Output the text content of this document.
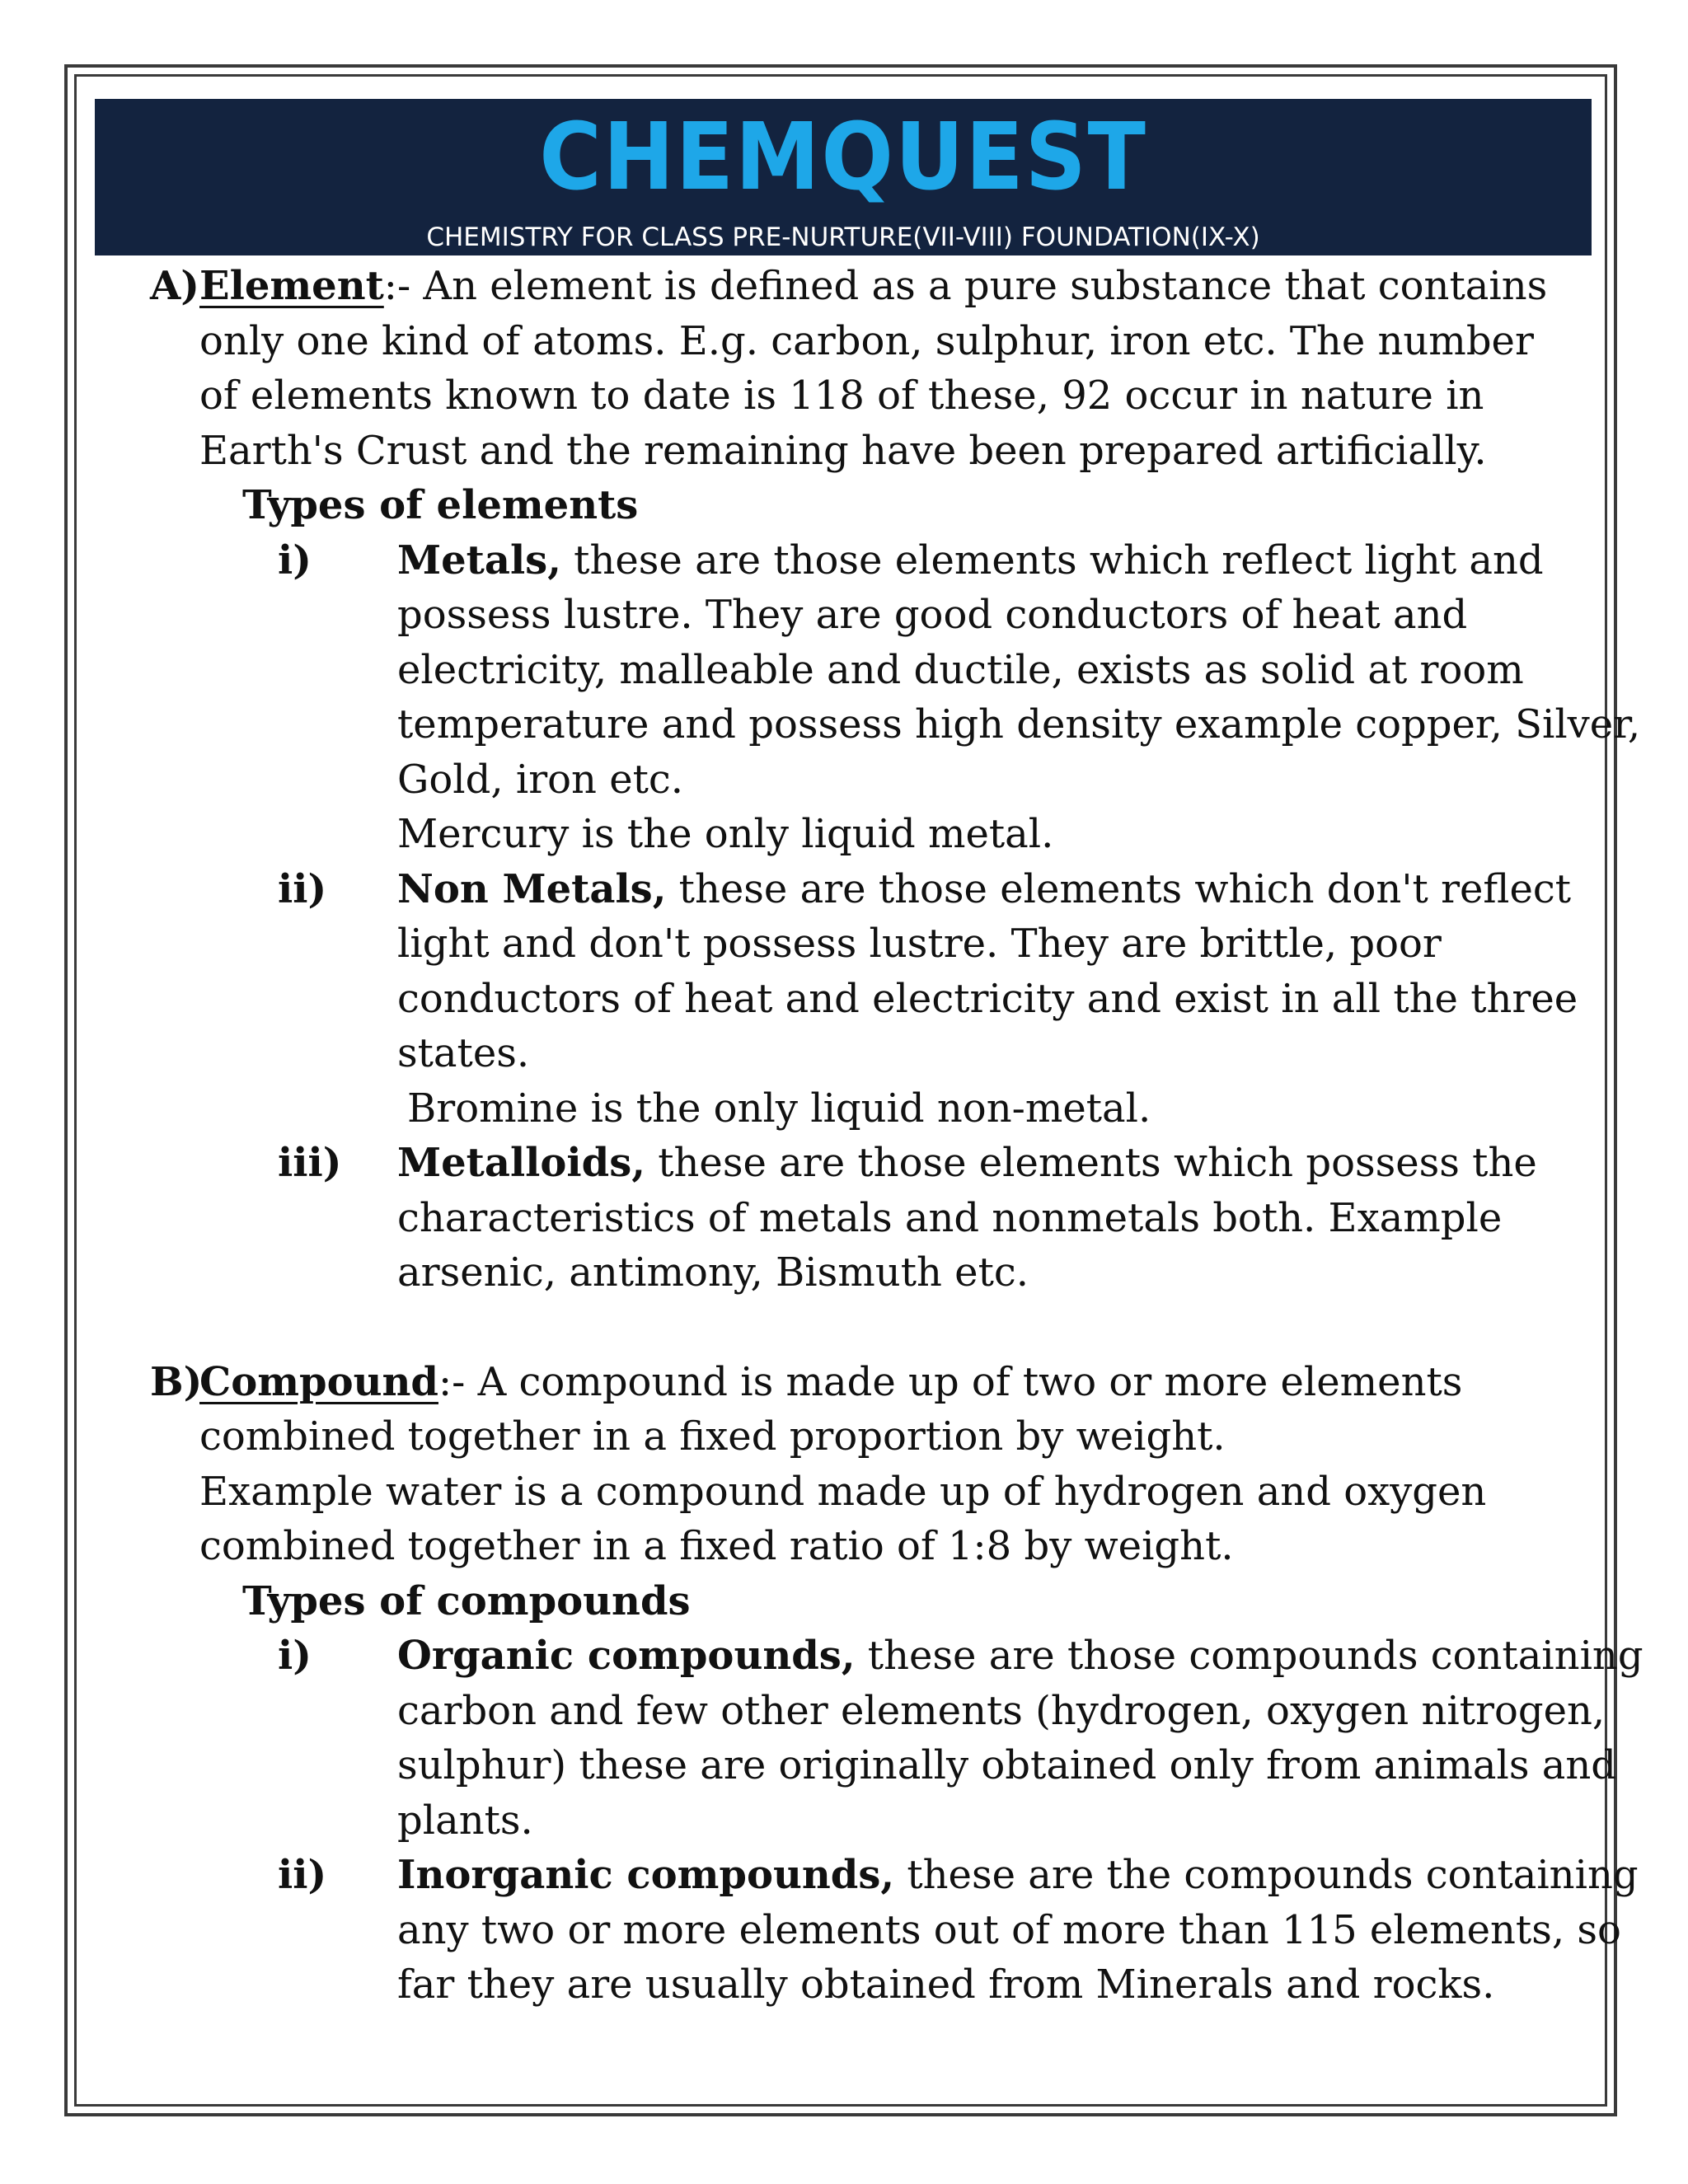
CHEMQUEST
CHEMISTRY FOR CLASS PRE-NURTURE(VII-VIII) FOUNDATION(IX-X)
A)Element:- An element is defined as a pure substance that contains
only one kind of atoms. E.g. carbon, sulphur, iron etc. The number of elements known to date is 118 of these, 92 occur in nature in Earth's Crust and the remaining have been prepared artificially.
Types of elements
i) Metals, these are those elements which reflect light and possess lustre. They are good conductors of heat and electricity, malleable and ductile, exists as solid at room temperature and possess high density example copper, Silver, Gold, iron etc.
Mercury is the only liquid metal.
ii) Non Metals, these are those elements which don't reflect light and don't possess lustre. They are brittle, poor conductors of heat and electricity and exist in all the three states.
Bromine is the only liquid non-metal.
iii) Metalloids, these are those elements which possess the characteristics of metals and nonmetals both. Example arsenic, antimony, Bismuth etc.
B)Compound:- A compound is made up of two or more elements
combined together in a fixed proportion by weight.
Example water is a compound made up of hydrogen and oxygen combined together in a fixed ratio of 1:8 by weight.
Types of compounds
i) Organic compounds, these are those compounds containing carbon and few other elements (hydrogen, oxygen nitrogen, sulphur) these are originally obtained only from animals and plants.
ii) Inorganic compounds, these are the compounds containing any two or more elements out of more than 115 elements, so far they are usually obtained from Minerals and rocks.
